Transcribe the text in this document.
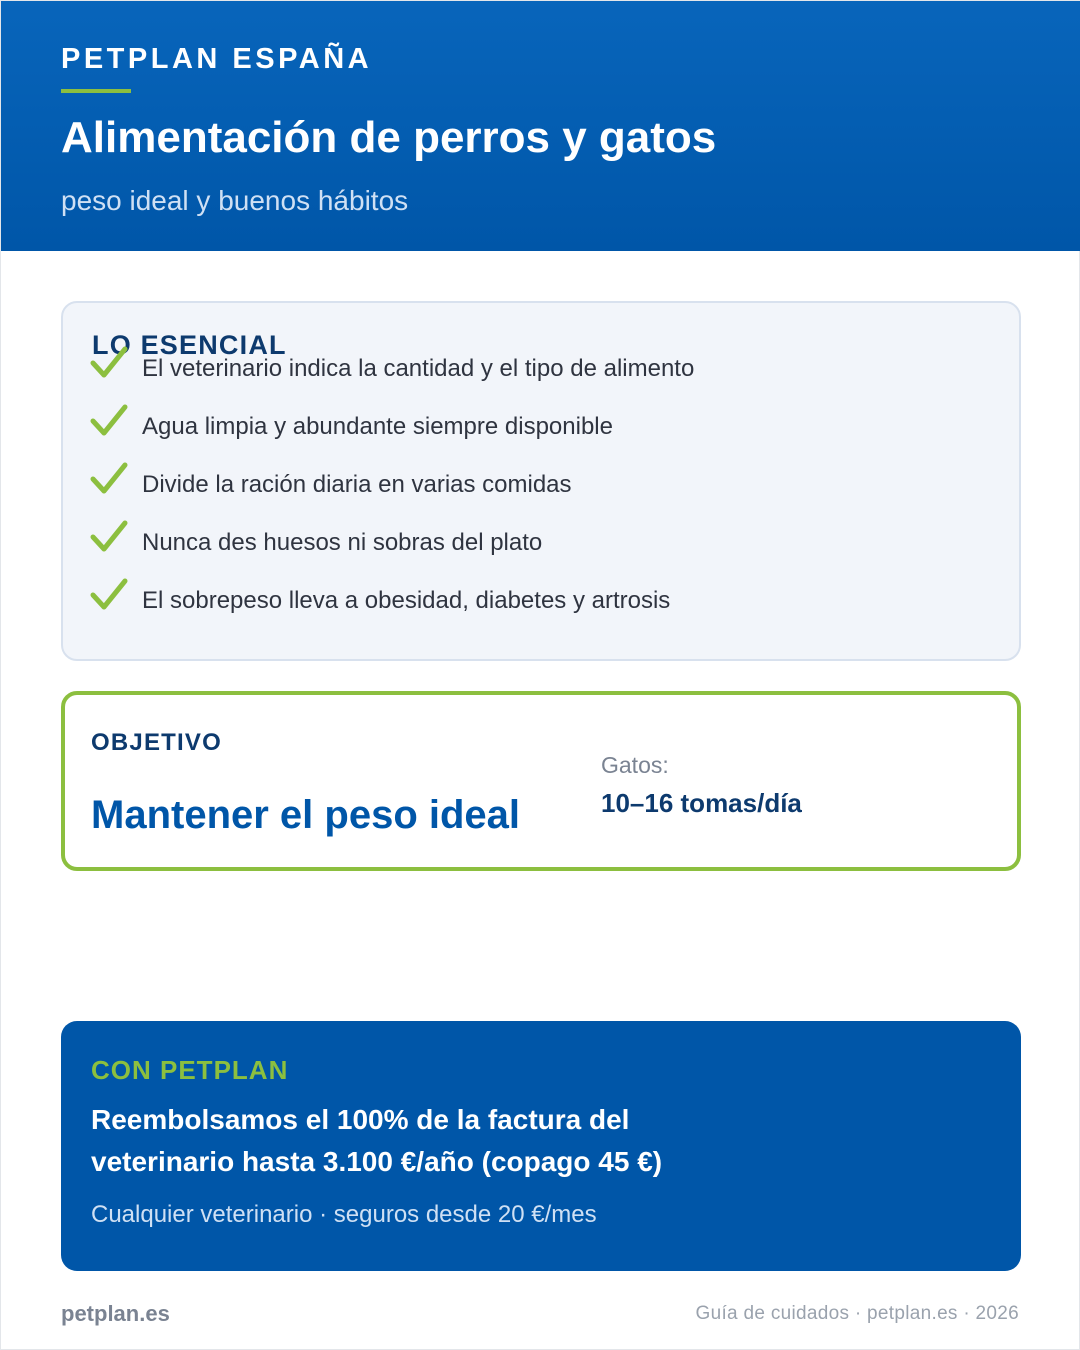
PETPLAN ESPAÑA
Alimentación de perros y gatos
peso ideal y buenos hábitos
LO ESENCIAL
El veterinario indica la cantidad y el tipo de alimento
Agua limpia y abundante siempre disponible
Divide la ración diaria en varias comidas
Nunca des huesos ni sobras del plato
El sobrepeso lleva a obesidad, diabetes y artrosis
OBJETIVO
Mantener el peso ideal
Gatos:
10–16 tomas/día
CON PETPLAN
Reembolsamos el 100% de la factura del
veterinario hasta 3.100 €/año (copago 45 €)
Cualquier veterinario · seguros desde 20 €/mes
petplan.es	Guía de cuidados · petplan.es · 2026
